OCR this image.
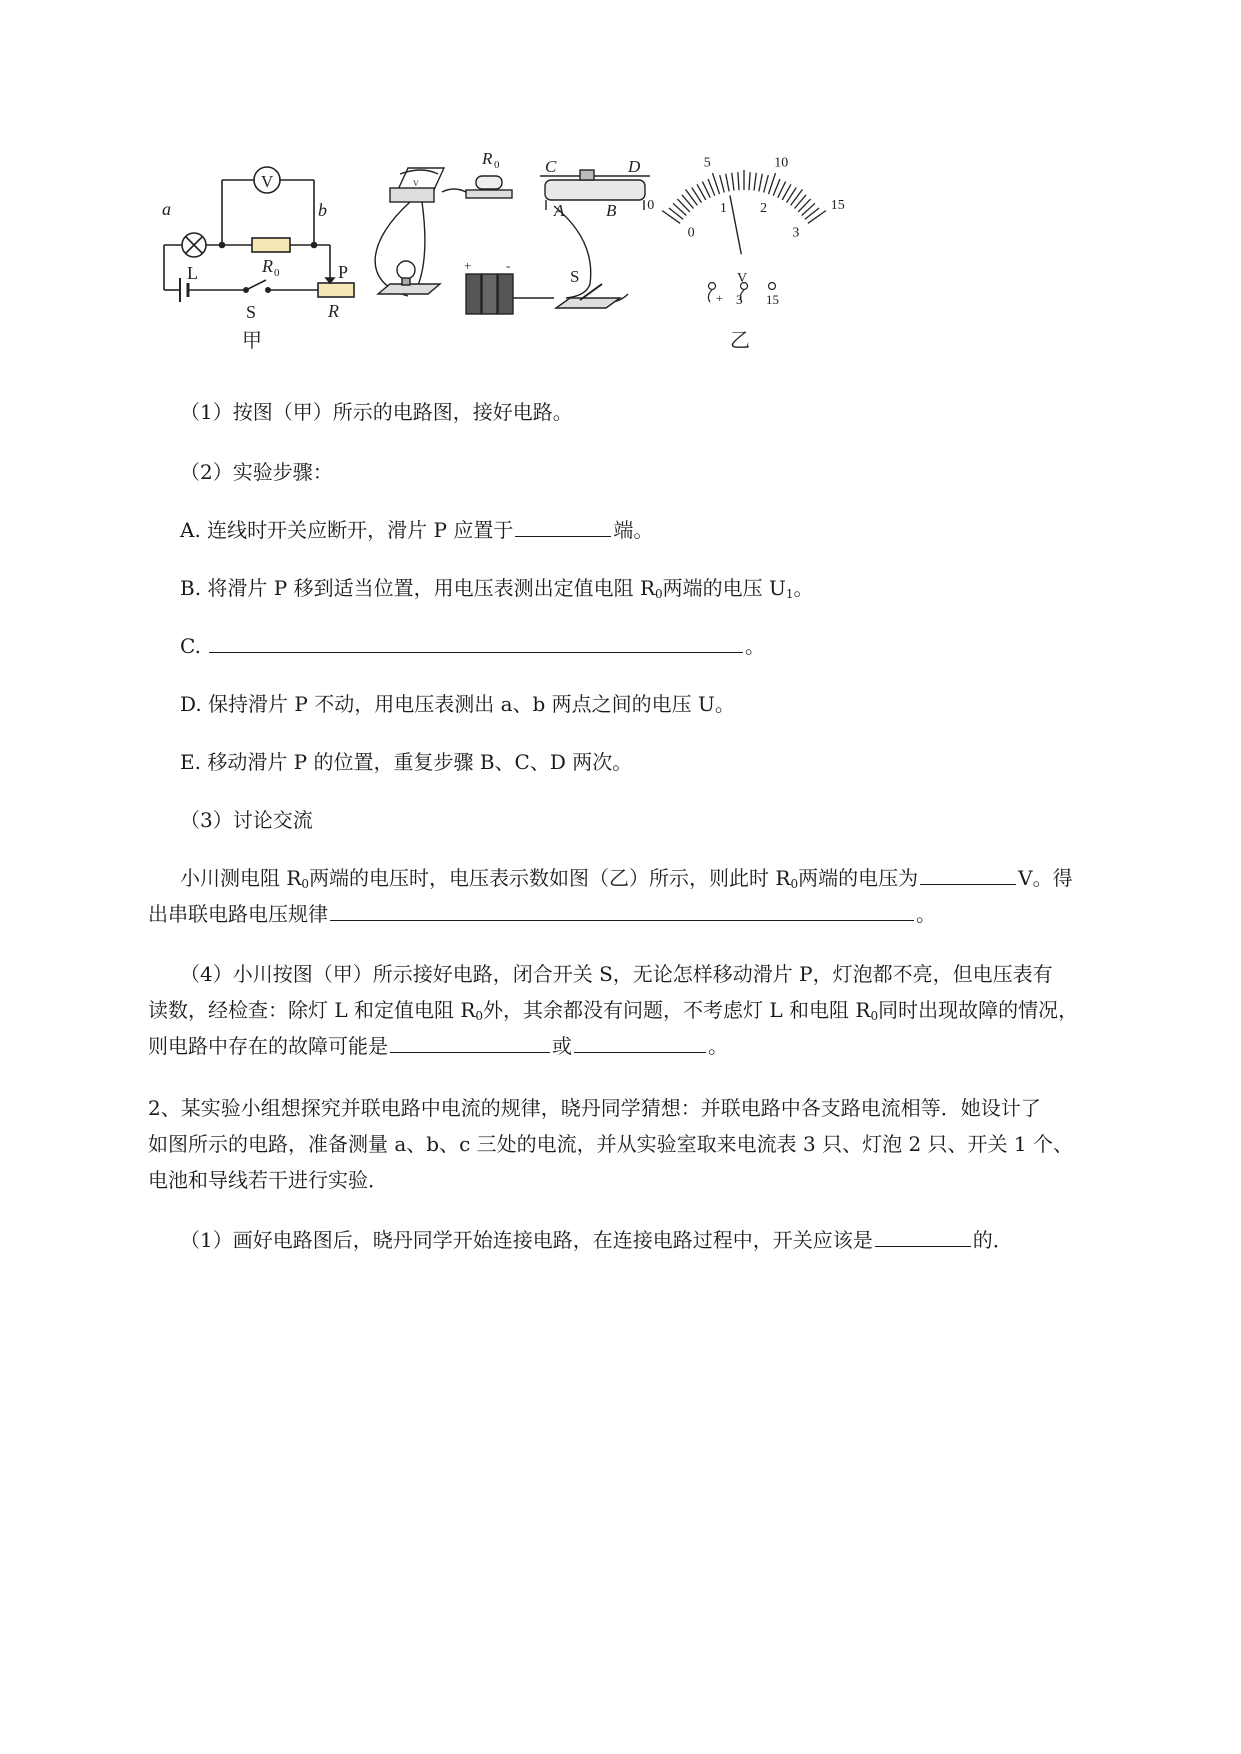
a	b
L
V
R 0
S
P
R
甲
R 0	C	D
A B
S
+	-
V
0
5	10
15
0
1 2
3
V
+ 3 15
乙
（1）按图（甲）所示的电路图，接好电路。
（2）实验步骤：
A. 连线时开关应断开，滑片 P 应置于	端。
B. 将滑片 P 移到适当位置，用电压表测出定值电阻 $R_0$两端的电压 $U_1$。
C.	。
D. 保持滑片 P 不动，用电压表测出 a、b 两点之间的电压 U。
E. 移动滑片 P 的位置，重复步骤 B、C、D 两次。
（3）讨论交流
小川测电阻 $R_0$两端的电压时，电压表示数如图（乙）所示，则此时 $R_0$两端的电压为	V。得
出串联电路电压规律	。
（4）小川按图（甲）所示接好电路，闭合开关 S，无论怎样移动滑片 P，灯泡都不亮，但电压表有
读数，经检查：除灯 L 和定值电阻 $R_0$外，其余都没有问题，不考虑灯 L 和电阻 $R_0$同时出现故障的情况，
则电路中存在的故障可能是	或	。
2、某实验小组想探究并联电路中电流的规律，晓丹同学猜想：并联电路中各支路电流相等．她设计了
如图所示的电路，准备测量 a、b、c 三处的电流，并从实验室取来电流表 3 只、灯泡 2 只、开关 1 个、
电池和导线若干进行实验．
（1）画好电路图后，晓丹同学开始连接电路，在连接电路过程中，开关应该是	的．
